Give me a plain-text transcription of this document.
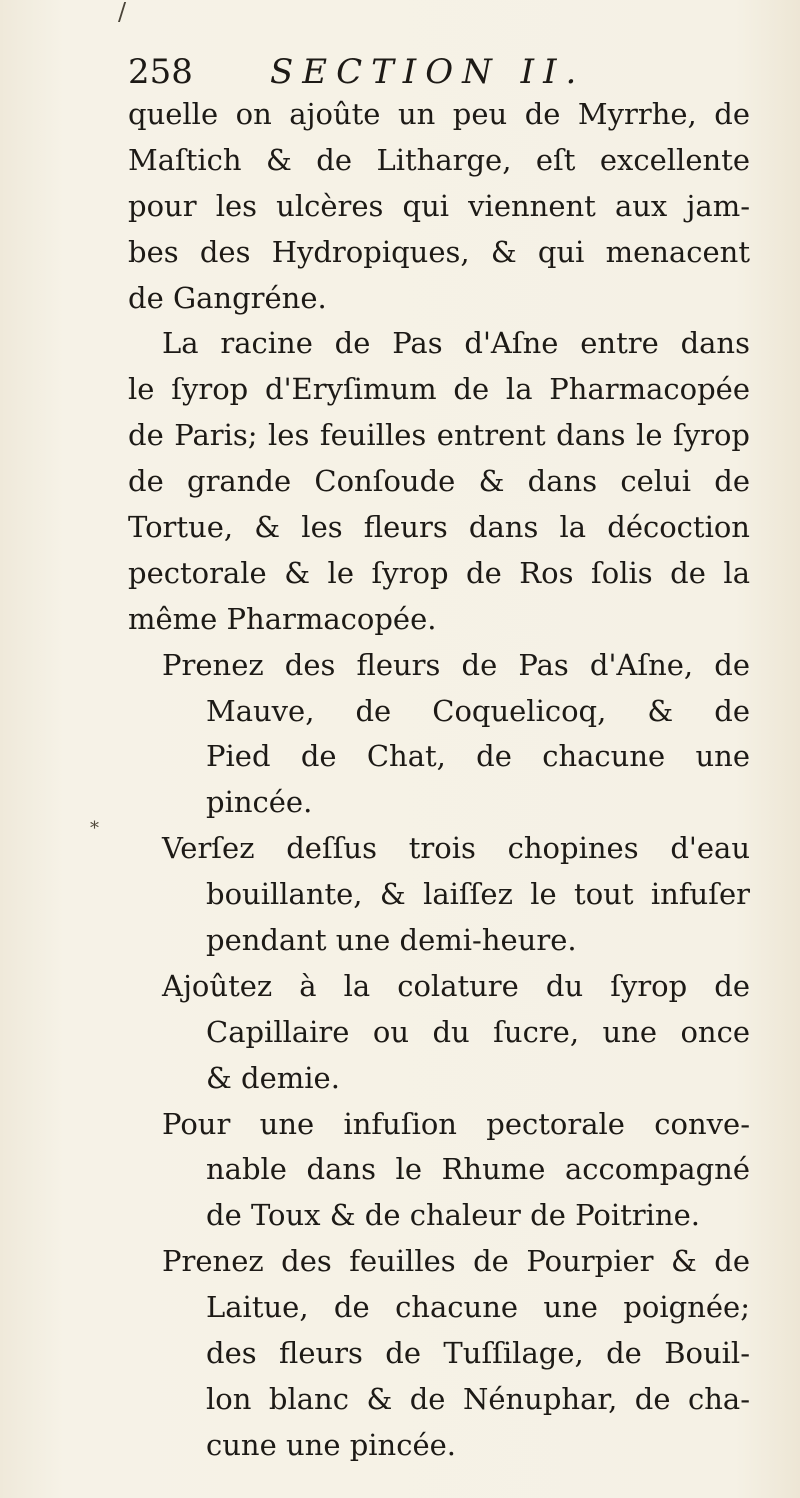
/
258 SECTION II.
*
quelle on ajoûte un peu de Myrrhe, de
Maſtich & de Litharge, eſt excellente
pour les ulcères qui viennent aux jam-
bes des Hydropiques, & qui menacent
de Gangréne.
La racine de Pas d'Aſne entre dans
le ſyrop d'Eryſimum de la Pharmacopée
de Paris; les feuilles entrent dans le ſyrop
de grande Conſoude & dans celui de
Tortue, & les fleurs dans la décoction
pectorale & le ſyrop de Ros ſolis de la
même Pharmacopée.
Prenez des fleurs de Pas d'Aſne, de
Mauve, de Coquelicoq, & de
Pied de Chat, de chacune une
pincée.
Verſez deſſus trois chopines d'eau
bouillante, & laiſſez le tout infuſer
pendant une demi-heure.
Ajoûtez à la colature du ſyrop de
Capillaire ou du ſucre, une once
& demie.
Pour une infuſion pectorale conve-
nable dans le Rhume accompagné
de Toux & de chaleur de Poitrine.
Prenez des feuilles de Pourpier & de
Laitue, de chacune une poignée;
des fleurs de Tuſſilage, de Bouil-
lon blanc & de Nénuphar, de cha-
cune une pincée.
